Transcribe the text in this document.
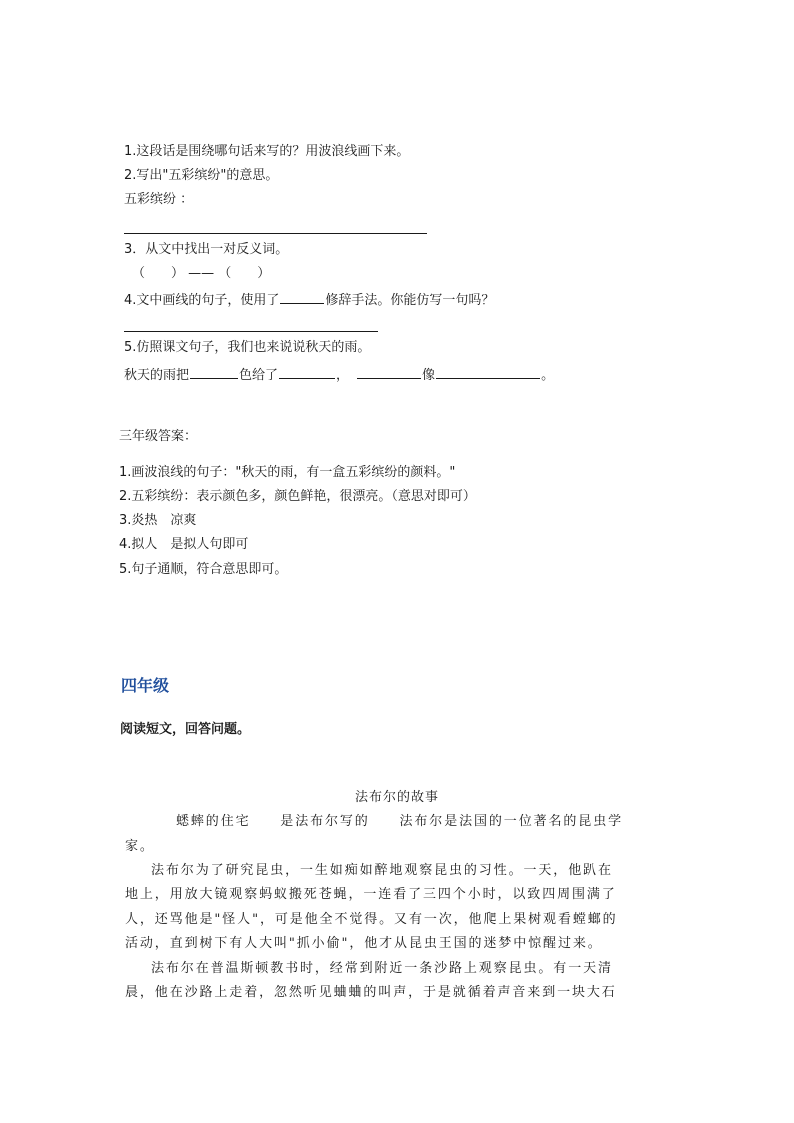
1.这段话是围绕哪句话来写的？用波浪线画下来。
2.写出"五彩缤纷"的意思。
五彩缤纷 ：
3．从文中找出一对反义词。
（　　） —— （　　）
4.文中画线的句子，使用了	修辞手法。你能仿写一句吗？
5.仿照课文句子，我们也来说说秋天的雨。
秋天的雨把	色给了	，	像	。
三年级答案：
1.画波浪线的句子："秋天的雨，有一盒五彩缤纷的颜料。"
2.五彩缤纷：表示颜色多，颜色鲜艳，很漂亮。（意思对即可）
3.炎热　凉爽
4.拟人　是拟人句即可
5.句子通顺，符合意思即可。
四年级
阅读短文，回答问题。
法布尔的故事
蟋蟀的住宅　　是法布尔写的　　法布尔是法国的一位著名的昆虫学
家。
法布尔为了研究昆虫，一生如痴如醉地观察昆虫的习性。一天，他趴在
地上，用放大镜观察蚂蚁搬死苍蝇，一连看了三四个小时，以致四周围满了
人，还骂他是"怪人"，可是他全不觉得。又有一次，他爬上果树观看螳螂的
活动，直到树下有人大叫"抓小偷"，他才从昆虫王国的迷梦中惊醒过来。
法布尔在普温斯顿教书时，经常到附近一条沙路上观察昆虫。有一天清
晨，他在沙路上走着，忽然听见蛐蛐的叫声，于是就循着声音来到一块大石
